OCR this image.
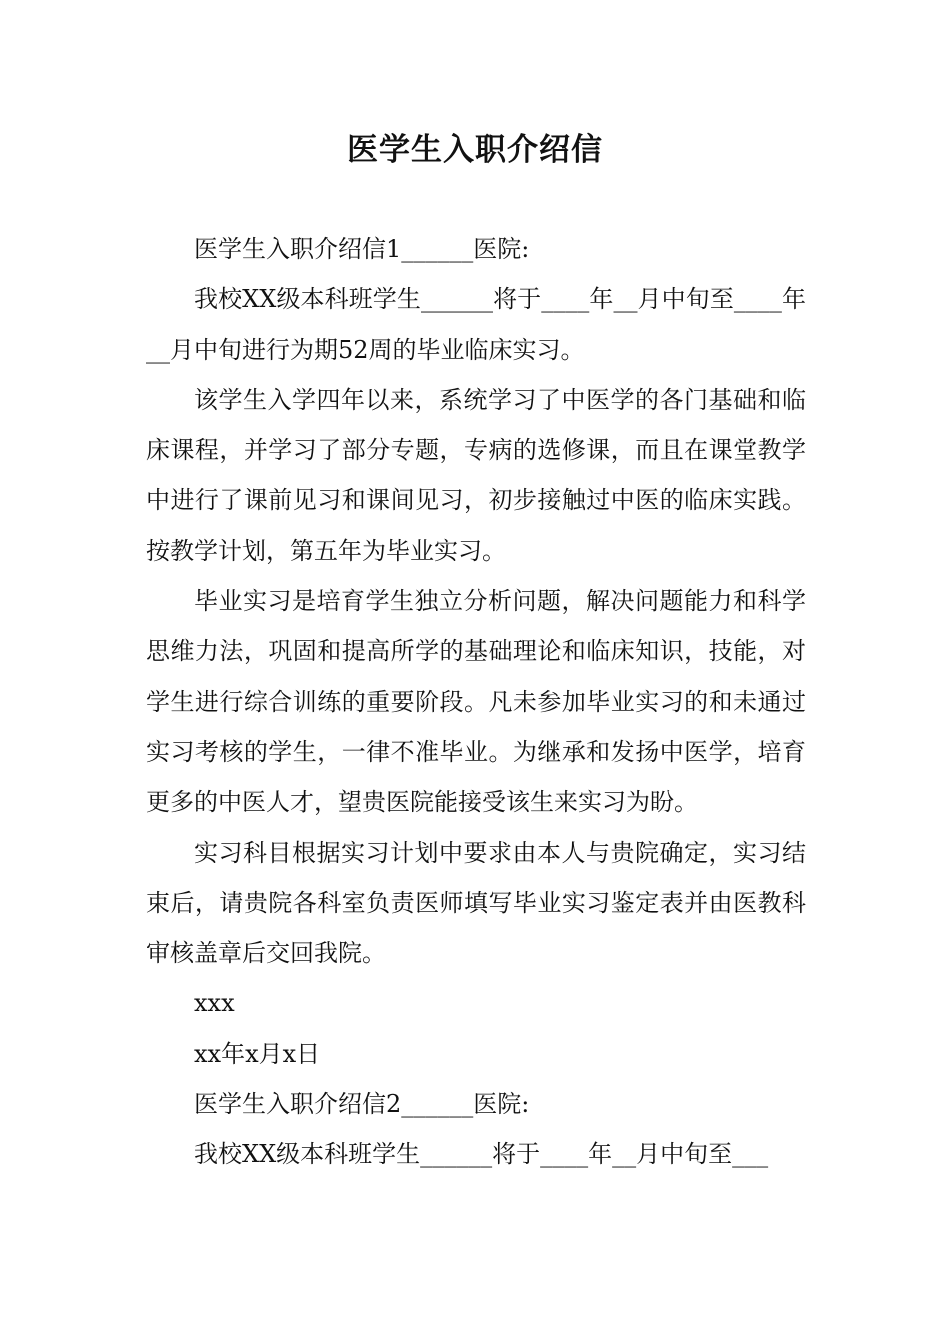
医学生入职介绍信

医学生入职介绍信1______医院:

我校XX级本科班学生______将于____年__月中旬至____年__月中旬进行为期52周的毕业临床实习。

该学生入学四年以来，系统学习了中医学的各门基础和临床课程，并学习了部分专题，专病的选修课，而且在课堂教学中进行了课前见习和课间见习，初步接触过中医的临床实践。按教学计划，第五年为毕业实习。

毕业实习是培育学生独立分析问题，解决问题能力和科学思维力法，巩固和提高所学的基础理论和临床知识，技能，对学生进行综合训练的重要阶段。凡未参加毕业实习的和未通过实习考核的学生，一律不准毕业。为继承和发扬中医学，培育更多的中医人才，望贵医院能接受该生来实习为盼。

实习科目根据实习计划中要求由本人与贵院确定，实习结束后，请贵院各科室负责医师填写毕业实习鉴定表并由医教科审核盖章后交回我院。

xxx

xx年x月x日

医学生入职介绍信2______医院:

我校XX级本科班学生______将于____年__月中旬至___
